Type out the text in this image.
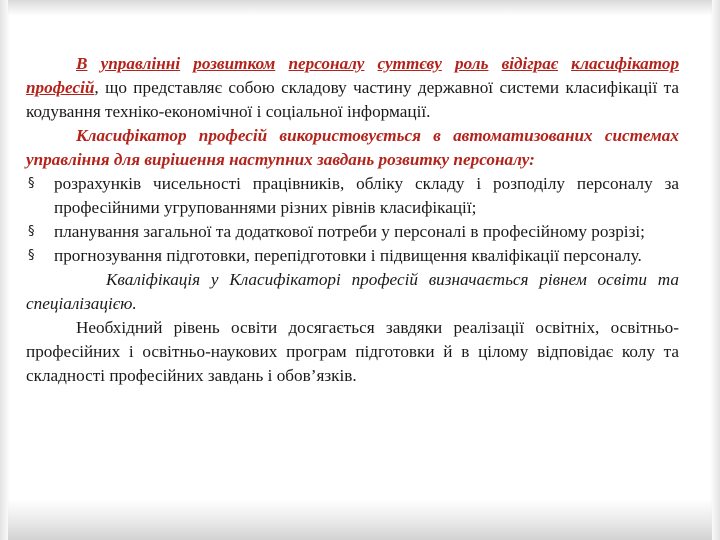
В управлінні розвитком персоналу суттєву роль відіграє класифікатор професій, що представляє собою складову частину державної системи класифікації та кодування техніко-економічної і соціальної інформації.

Класифікатор професій використовується в автоматизованих системах управління для вирішення наступних завдань розвитку персоналу:

§ розрахунків чисельності працівників, обліку складу і розподілу персоналу за професійними угрупованнями різних рівнів класифікації;
§ планування загальної та додаткової потреби у персоналі в професійному розрізі;
§ прогнозування підготовки, перепідготовки і підвищення кваліфікації персоналу.

Кваліфікація у Класифікаторі професій визначається рівнем освіти та спеціалізацією.

Необхідний рівень освіти досягається завдяки реалізації освітніх, освітньо-професійних і освітньо-наукових програм підготовки й в цілому відповідає колу та складності професійних завдань і обов’язків.
